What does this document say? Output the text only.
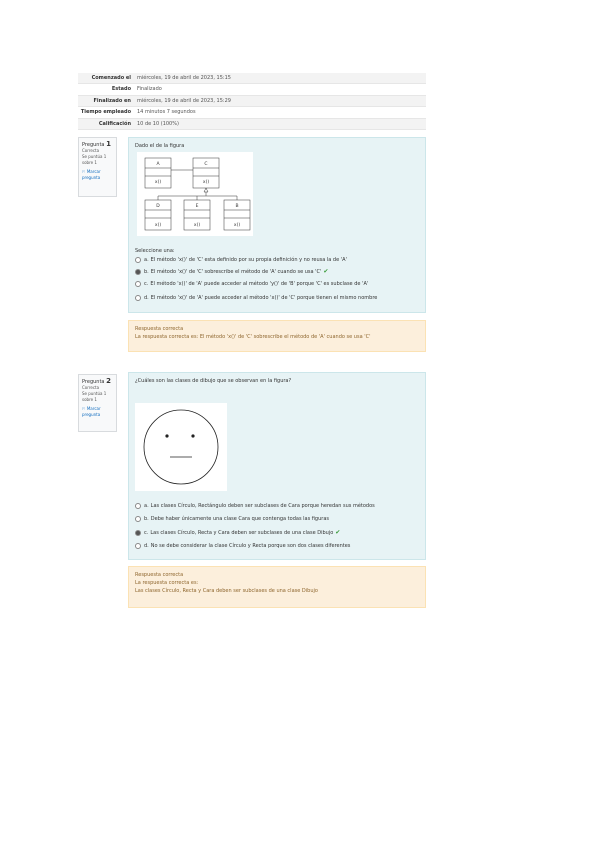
Comenzado el	miércoles, 19 de abril de 2023, 15:15
Estado	Finalizado
Finalizado en	miércoles, 19 de abril de 2023, 15:29
Tiempo empleado	14 minutos 7 segundos
Calificación	10 de 10 (100%)
Pregunta 1
Correcta
Se puntúa 1 sobre 1
⚐ Marcar pregunta
Dado el de la figura
A	C
x()	x()
D	E	B
x()	x()	x()
Seleccione una:
a. El método 'x()' de 'C' esta definido por su propia definición y no reusa la de 'A'
b. El método 'x()' de 'C' sobrescribe el método de 'A' cuando se usa 'C' ✔
c. El método 'x()' de 'A' puede acceder al método 'y()' de 'B' porque 'C' es subclase de 'A'
d. El método 'x()' de 'A' puede acceder al método 'x()' de 'C' porque tienen el mismo nombre
Respuesta correcta
La respuesta correcta es: El método 'x()' de 'C' sobrescribe el método de 'A' cuando se usa 'C'
Pregunta 2
Correcta
Se puntúa 1 sobre 1
⚐ Marcar pregunta
¿Cuáles son las clases de dibujo que se observan en la figura?
a. Las clases Círculo, Rectángulo deben ser subclases de Cara porque heredan sus métodos
b. Debe haber únicamente una clase Cara que contenga todas las figuras
c. Las clases Círculo, Recta y Cara deben ser subclases de una clase Dibujo ✔
d. No se debe considerar la clase Círculo y Recta porque son dos clases diferentes
Respuesta correcta
La respuesta correcta es:
Las clases Círculo, Recta y Cara deben ser subclases de una clase Dibujo
